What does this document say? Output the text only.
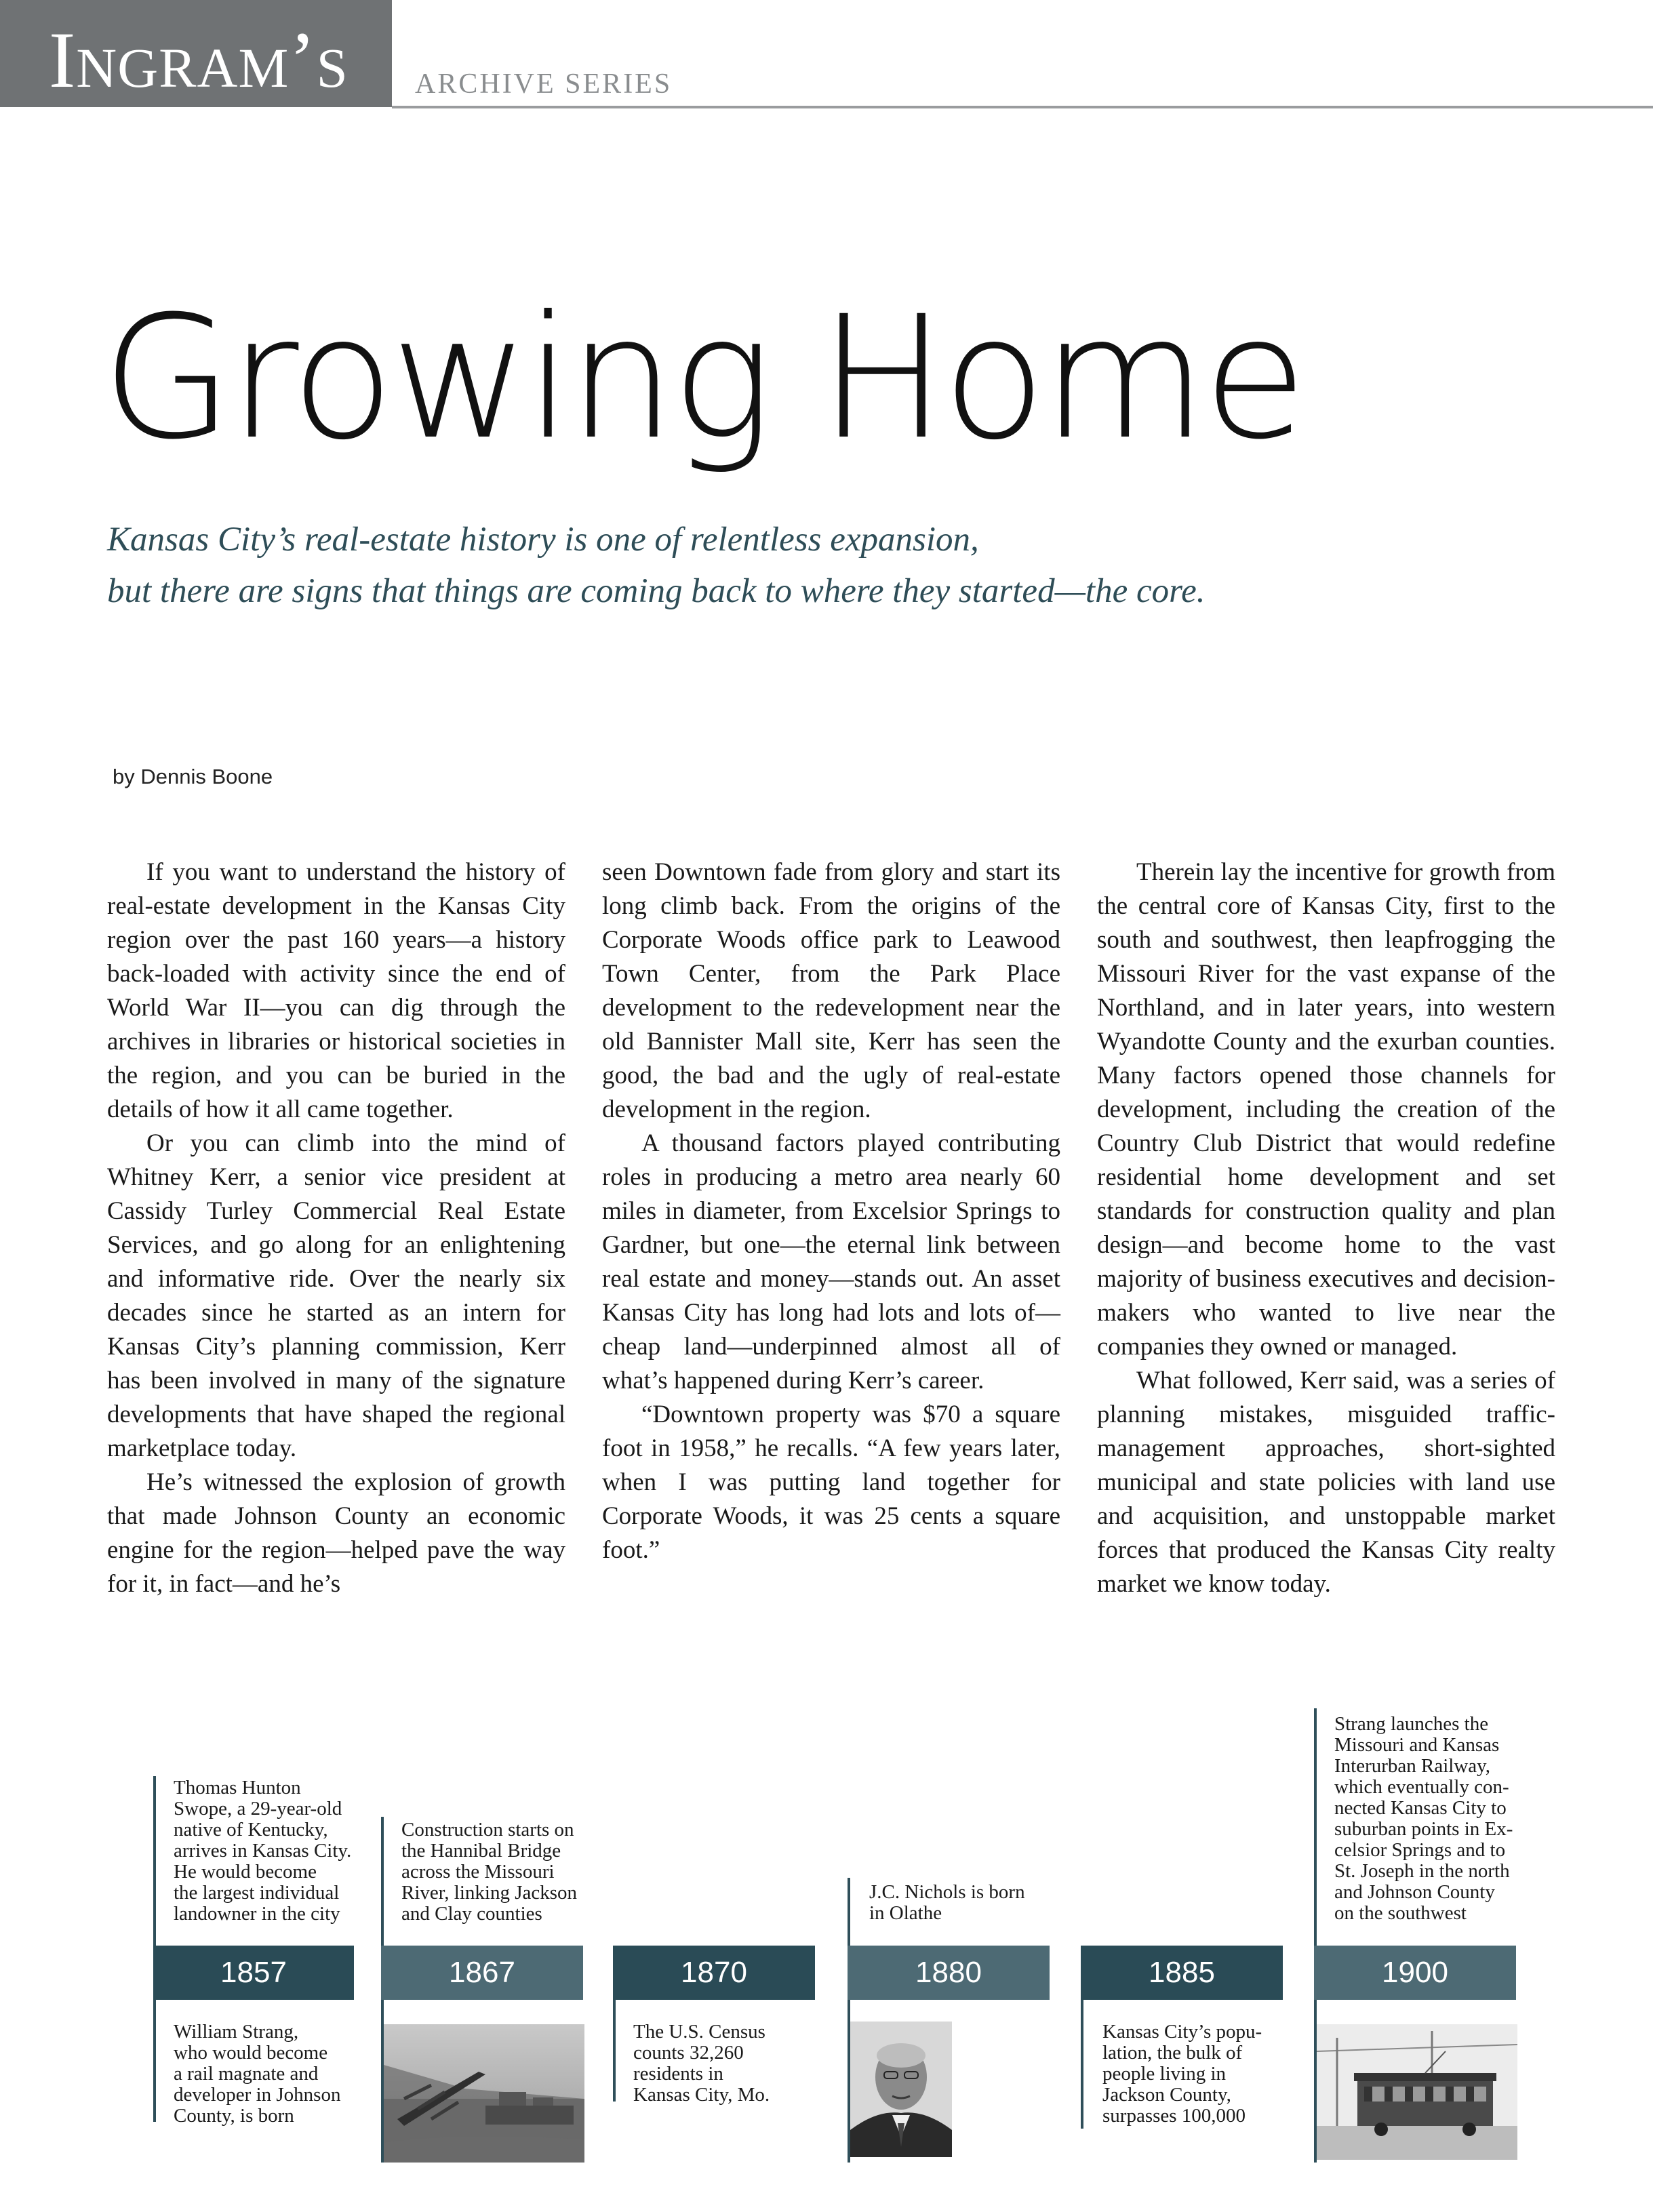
Ingram’s ARCHIVE SERIES
Growing Home
Kansas City’s real-estate history is one of relentless expansion,
but there are signs that things are coming back to where they started—the core.
by Dennis Boone

If you want to understand the history of real-estate development in the Kansas City region over the past 160 years—a history back-loaded with activity since the end of World War II—you can dig through the archives in libraries or historical societies in the region, and you can be buried in the details of how it all came together.

Or you can climb into the mind of Whitney Kerr, a senior vice president at Cassidy Turley Commercial Real Estate Services, and go along for an enlightening and informative ride. Over the nearly six decades since he started as an intern for Kansas City’s planning commission, Kerr has been involved in many of the signature developments that have shaped the regional marketplace today.

He’s witnessed the explosion of growth that made Johnson County an economic engine for the region—helped pave the way for it, in fact—and he’s

seen Downtown fade from glory and start its long climb back. From the origins of the Corporate Woods office park to Leawood Town Center, from the Park Place development to the redevelopment near the old Bannister Mall site, Kerr has seen the good, the bad and the ugly of real-estate development in the region.

A thousand factors played contributing roles in producing a metro area nearly 60 miles in diameter, from Excelsior Springs to Gardner, but one—the eternal link between real estate and money—stands out. An asset Kansas City has long had lots and lots of—cheap land—underpinned almost all of what’s happened during Kerr’s career.

“Downtown property was $70 a square foot in 1958,” he recalls. “A few years later, when I was putting land together for Corporate Woods, it was 25 cents a square foot.”

Therein lay the incentive for growth from the central core of Kansas City, first to the south and southwest, then leapfrogging the Missouri River for the vast expanse of the Northland, and in later years, into western Wyandotte County and the exurban counties. Many factors opened those channels for development, including the creation of the Country Club District that would redefine residential home development and set standards for construction quality and plan design—and become home to the vast majority of business executives and decision-makers who wanted to live near the companies they owned or managed.

What followed, Kerr said, was a series of planning mistakes, misguided traffic-management approaches, short-sighted municipal and state policies with land use and acquisition, and unstoppable market forces that produced the Kansas City realty market we know today.

Thomas Hunton
Swope, a 29-year-old
native of Kentucky,
arrives in Kansas City.
He would become
the largest individual
landowner in the city
1857
William Strang,
who would become
a rail magnate and
developer in Johnson
County, is born
Construction starts on
the Hannibal Bridge
across the Missouri
River, linking Jackson
and Clay counties
1867	1870
The U.S. Census
counts 32,260
residents in
Kansas City, Mo.
J.C. Nichols is born
in Olathe
1880	1885
Kansas City’s popu-
lation, the bulk of
people living in
Jackson County,
surpasses 100,000
Strang launches the
Missouri and Kansas
Interurban Railway,
which eventually con-
nected Kansas City to
suburban points in Ex-
celsior Springs and to
St. Joseph in the north
and Johnson County
on the southwest
1900
